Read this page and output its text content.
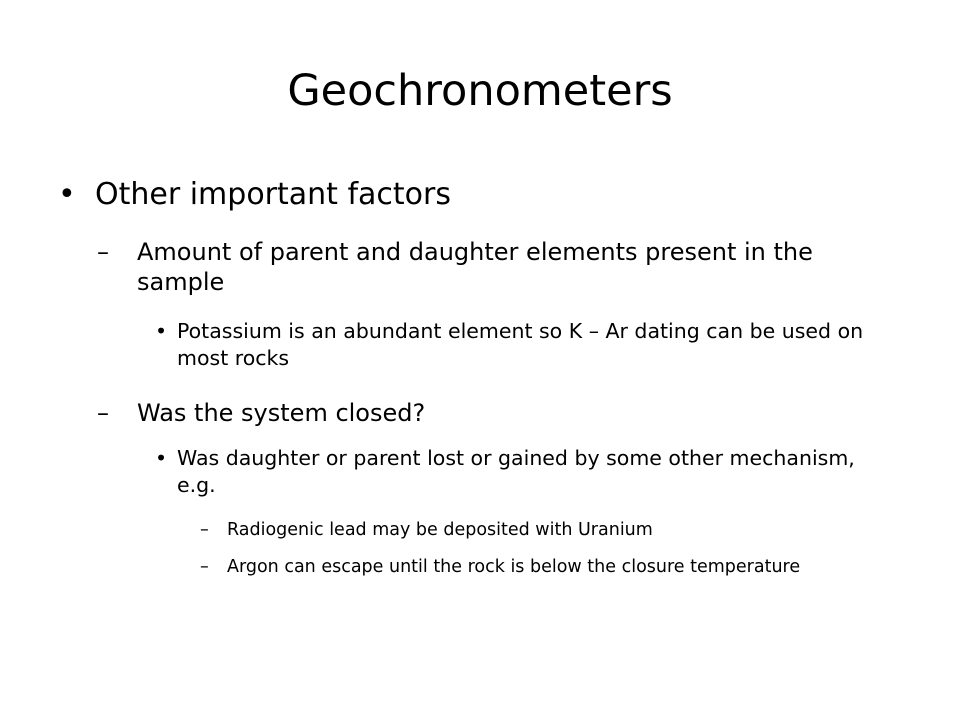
Geochronometers
• Other important factors
–	Amount of parent and daughter elements present in the sample
• Potassium is an abundant element so K – Ar dating can be used on most rocks
–	Was the system closed?
• Was daughter or parent lost or gained by some other mechanism, e.g.
–	Radiogenic lead may be deposited with Uranium
–	Argon can escape until the rock is below the closure temperature
